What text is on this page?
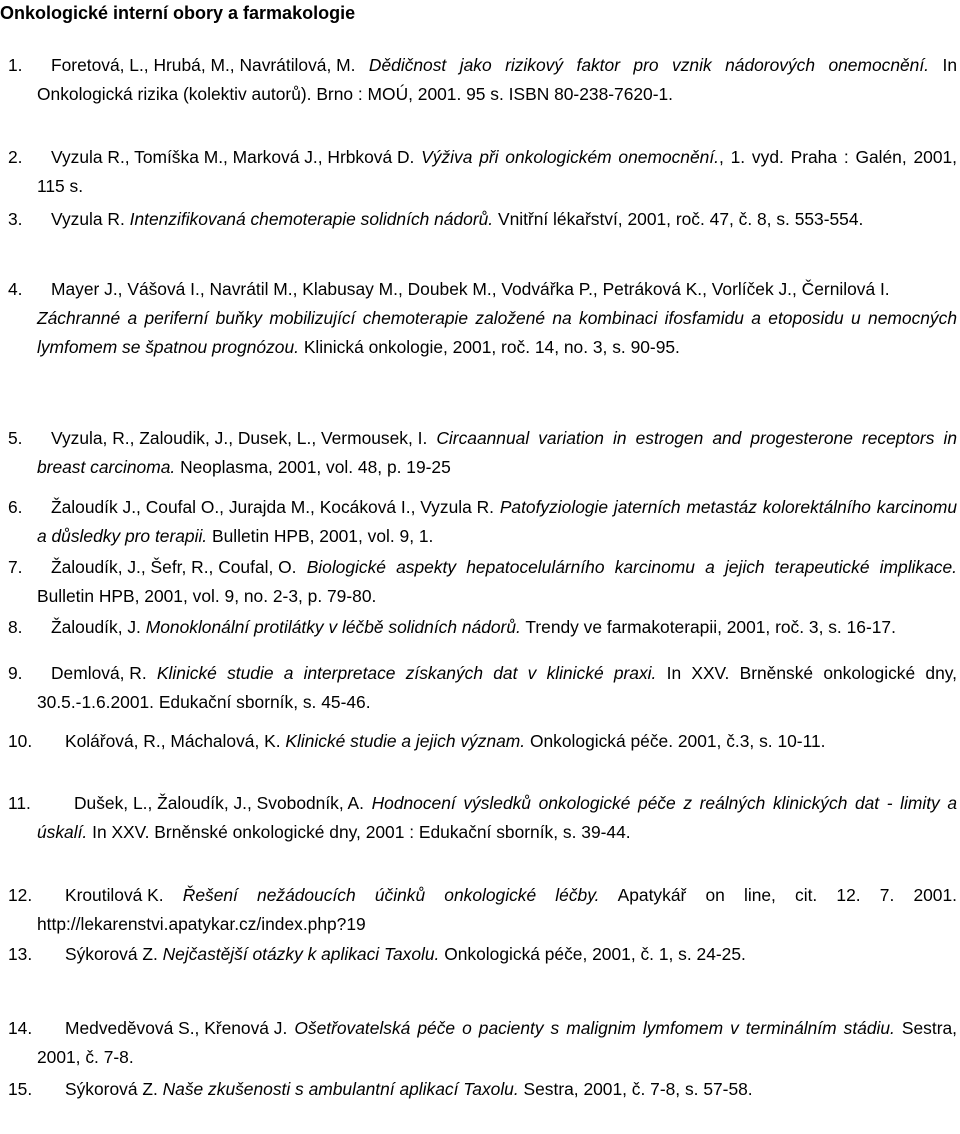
Onkologické interní obory a farmakologie
1.	Foretová, L., Hrubá, M., Navrátilová, M. Dědičnost jako rizikový faktor pro vznik nádorových onemocnění. In Onkologická rizika (kolektiv autorů). Brno : MOÚ, 2001. 95 s. ISBN 80-238-7620-1.
2.	Vyzula R., Tomíška M., Marková J., Hrbková D. Výživa při onkologickém onemocnění., 1. vyd. Praha : Galén, 2001, 115 s.
3.	Vyzula R. Intenzifikovaná chemoterapie solidních nádorů. Vnitřní lékařství, 2001, roč. 47, č. 8, s. 553-554.
4.	Mayer J., Vášová I., Navrátil M., Klabusay M., Doubek M., Vodvářka P., Petráková K., Vorlíček J., Černilová I. Záchranné a periferní buňky mobilizující chemoterapie založené na kombinaci ifosfamidu a etoposidu u nemocných lymfomem se špatnou prognózou. Klinická onkologie, 2001, roč. 14, no. 3, s. 90-95.
5.	Vyzula, R., Zaloudik, J., Dusek, L., Vermousek, I. Circaannual variation in estrogen and progesterone receptors in breast carcinoma. Neoplasma, 2001, vol. 48, p. 19-25
6.	Žaloudík J., Coufal O., Jurajda M., Kocáková I., Vyzula R. Patofyziologie jaterních metastáz kolorektálního karcinomu a důsledky pro terapii. Bulletin HPB, 2001, vol. 9, 1.
7.	Žaloudík, J., Šefr, R., Coufal, O. Biologické aspekty hepatocelulárního karcinomu a jejich terapeutické implikace. Bulletin HPB, 2001, vol. 9, no. 2-3, p. 79-80.
8.	Žaloudík, J. Monoklonální protilátky v léčbě solidních nádorů. Trendy ve farmakoterapii, 2001, roč. 3, s. 16-17.
9.	Demlová, R. Klinické studie a interpretace získaných dat v klinické praxi. In XXV. Brněnské onkologické dny, 30.5.-1.6.2001. Edukační sborník, s. 45-46.
10.	Kolářová, R., Máchalová, K. Klinické studie a jejich význam. Onkologická péče. 2001, č.3, s. 10-11.
11.	Dušek, L., Žaloudík, J., Svobodník, A. Hodnocení výsledků onkologické péče z reálných klinických dat - limity a úskalí. In XXV. Brněnské onkologické dny, 2001 : Edukační sborník, s. 39-44.
12.	Kroutilová K. Řešení nežádoucích účinků onkologické léčby. Apatykář on line, cit. 12. 7. 2001. http://lekarenstvi.apatykar.cz/index.php?19
13.	Sýkorová Z. Nejčastější otázky k aplikaci Taxolu. Onkologická péče, 2001, č. 1, s. 24-25.
14.	Medvedĕvová S., Křenová J. Ošetřovatelská péče o pacienty s malignim lymfomem v terminálním stádiu. Sestra, 2001, č. 7-8.
15.	Sýkorová Z. Naše zkušenosti s ambulantní aplikací Taxolu. Sestra, 2001, č. 7-8, s. 57-58.
